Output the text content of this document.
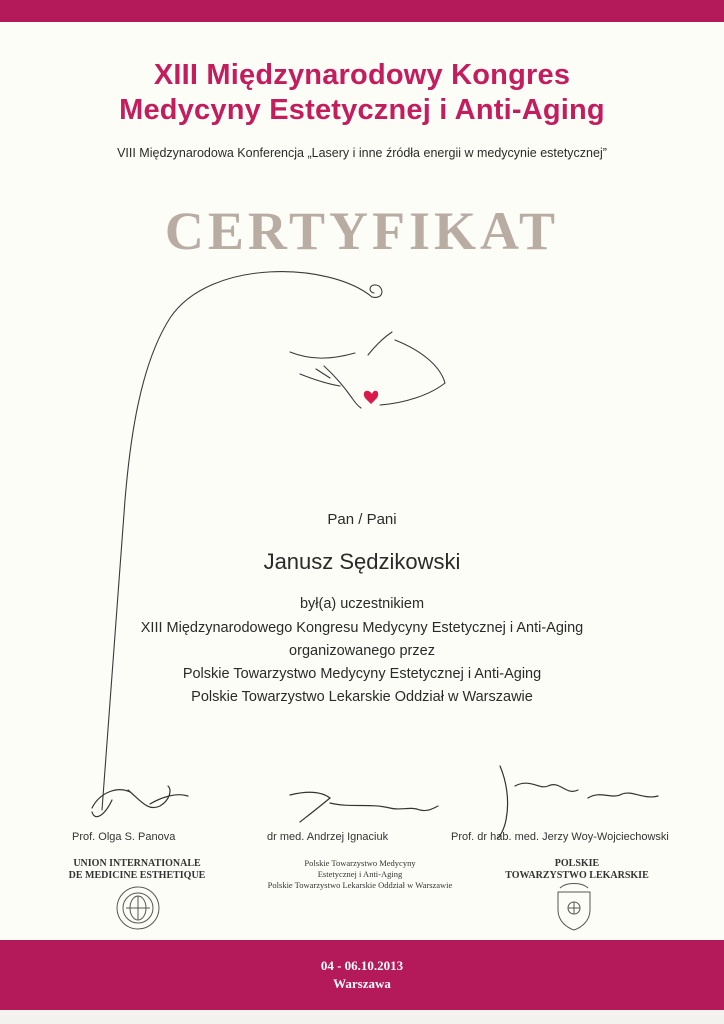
XIII Międzynarodowy Kongres
Medycyny Estetycznej i Anti-Aging
VIII Międzynarodowa Konferencja „Lasery i inne źródła energii w medycynie estetycznej”
CERTYFIKAT
Pan / Pani
Janusz Sędzikowski
był(a) uczestnikiem
XIII Międzynarodowego Kongresu Medycyny Estetycznej i Anti-Aging
organizowanego przez
Polskie Towarzystwo Medycyny Estetycznej i Anti-Aging
Polskie Towarzystwo Lekarskie Oddział w Warszawie
Prof. Olga S. Panova	dr med. Andrzej Ignaciuk	Prof. dr hab. med. Jerzy Woy-Wojciechowski
UNION INTERNATIONALE
DE MEDICINE ESTHETIQUE
Polskie Towarzystwo Medycyny
Estetycznej i Anti-Aging
Polskie Towarzystwo Lekarskie Oddział w Warszawie
POLSKIE
TOWARZYSTWO LEKARSKIE
04 - 06.10.2013
Warszawa
